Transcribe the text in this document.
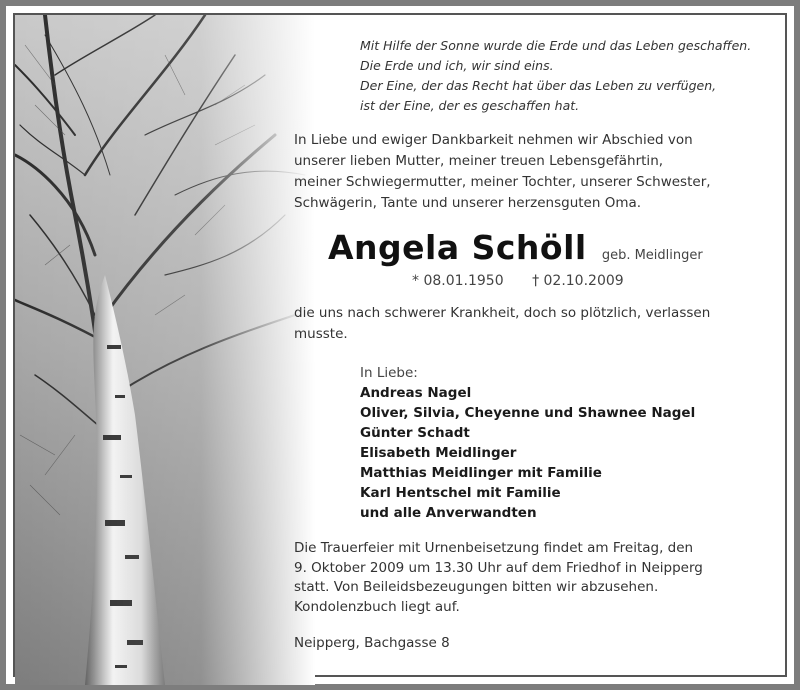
Mit Hilfe der Sonne wurde die Erde und das Leben geschaffen.
Die Erde und ich, wir sind eins.
Der Eine, der das Recht hat über das Leben zu verfügen,
ist der Eine, der es geschaffen hat.
In Liebe und ewiger Dankbarkeit nehmen wir Abschied von
unserer lieben Mutter, meiner treuen Lebensgefährtin,
meiner Schwiegermutter, meiner Tochter, unserer Schwester,
Schwägerin, Tante und unserer herzensguten Oma.
Angela Schöll geb. Meidlinger
* 08.01.1950 † 02.10.2009
die uns nach schwerer Krankheit, doch so plötzlich, verlassen
musste.
In Liebe:
Andreas Nagel
Oliver, Silvia, Cheyenne und Shawnee Nagel
Günter Schadt
Elisabeth Meidlinger
Matthias Meidlinger mit Familie
Karl Hentschel mit Familie
und alle Anverwandten
Die Trauerfeier mit Urnenbeisetzung findet am Freitag, den
9. Oktober 2009 um 13.30 Uhr auf dem Friedhof in Neipperg
statt. Von Beileidsbezeugungen bitten wir abzusehen.
Kondolenzbuch liegt auf.
Neipperg, Bachgasse 8
